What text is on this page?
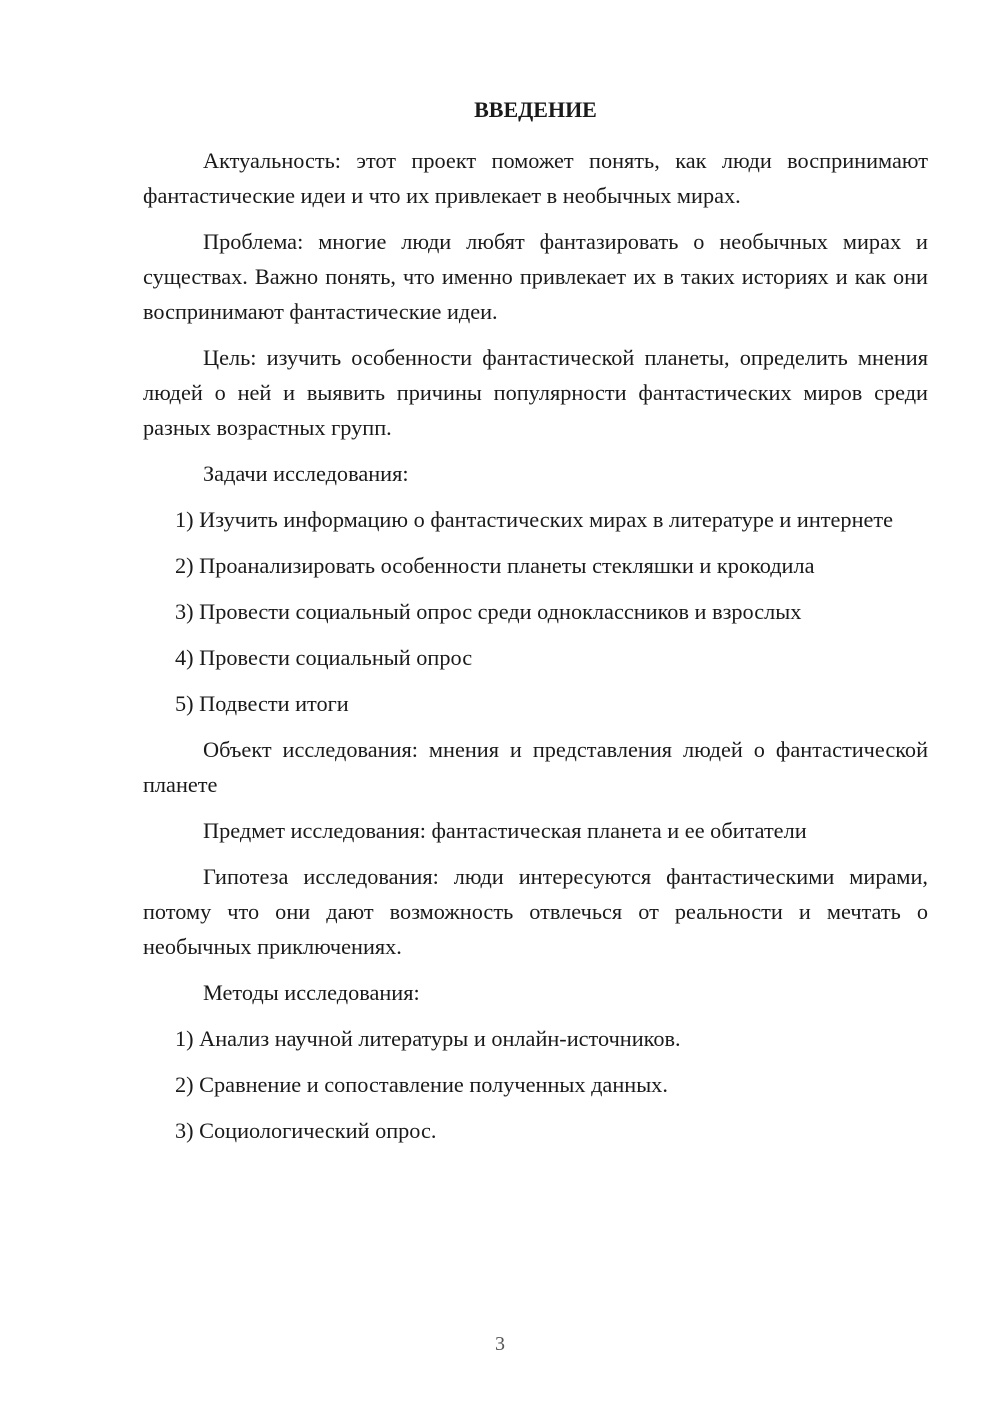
ВВЕДЕНИЕ

Актуальность: этот проект поможет понять, как люди воспринимают фантастические идеи и что их привлекает в необычных мирах.

Проблема: многие люди любят фантазировать о необычных мирах и существах. Важно понять, что именно привлекает их в таких историях и как они воспринимают фантастические идеи.

Цель: изучить особенности фантастической планеты, определить мнения людей о ней и выявить причины популярности фантастических миров среди разных возрастных групп.

Задачи исследования:

1) Изучить информацию о фантастических мирах в литературе и интернете

2) Проанализировать особенности планеты стекляшки и крокодила

3) Провести социальный опрос среди одноклассников и взрослых

4) Провести социальный опрос

5) Подвести итоги

Объект исследования: мнения и представления людей о фантастической планете

Предмет исследования: фантастическая планета и ее обитатели

Гипотеза исследования: люди интересуются фантастическими мирами, потому что они дают возможность отвлечься от реальности и мечтать о необычных приключениях.

Методы исследования:

1) Анализ научной литературы и онлайн-источников.

2) Сравнение и сопоставление полученных данных.

3) Социологический опрос.

3
